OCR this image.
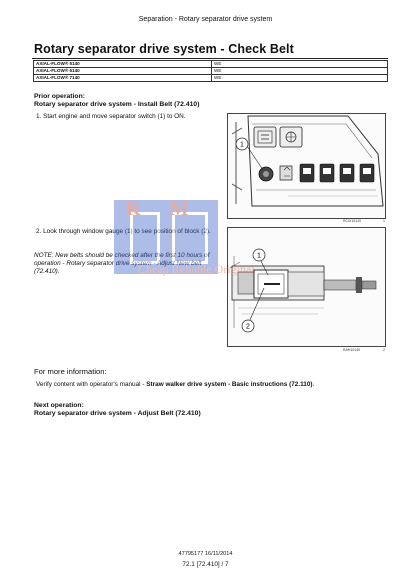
Separation - Rotary separator drive system
Rotary separator drive system - Check Belt
AXIAL-FLOW® 5140	WE
AXIAL-FLOW® 6140	WE
AXIAL-FLOW® 7140	WE
Prior operation:
Rotary separator drive system - Install Belt (72.410)
1. Start engine and move separator switch (1) to ON.
1
RCIX10120	1
2. Look through window gauge (1) to see position of block (2).
NOTE: New belts should be checked after the first 10 hours of operation - Rotary separator drive system - Adjust New belt (72.410).
1
2
RAH10140	2
R M
Cheap Reliable Original
For more information:
Verify content with operator's manual - Straw walker drive system - Basic instructions (72.110).
Next operation:
Rotary separator drive system - Adjust Belt (72.410)
47795177 16/11/2014
72.1 [72.410] / 7
